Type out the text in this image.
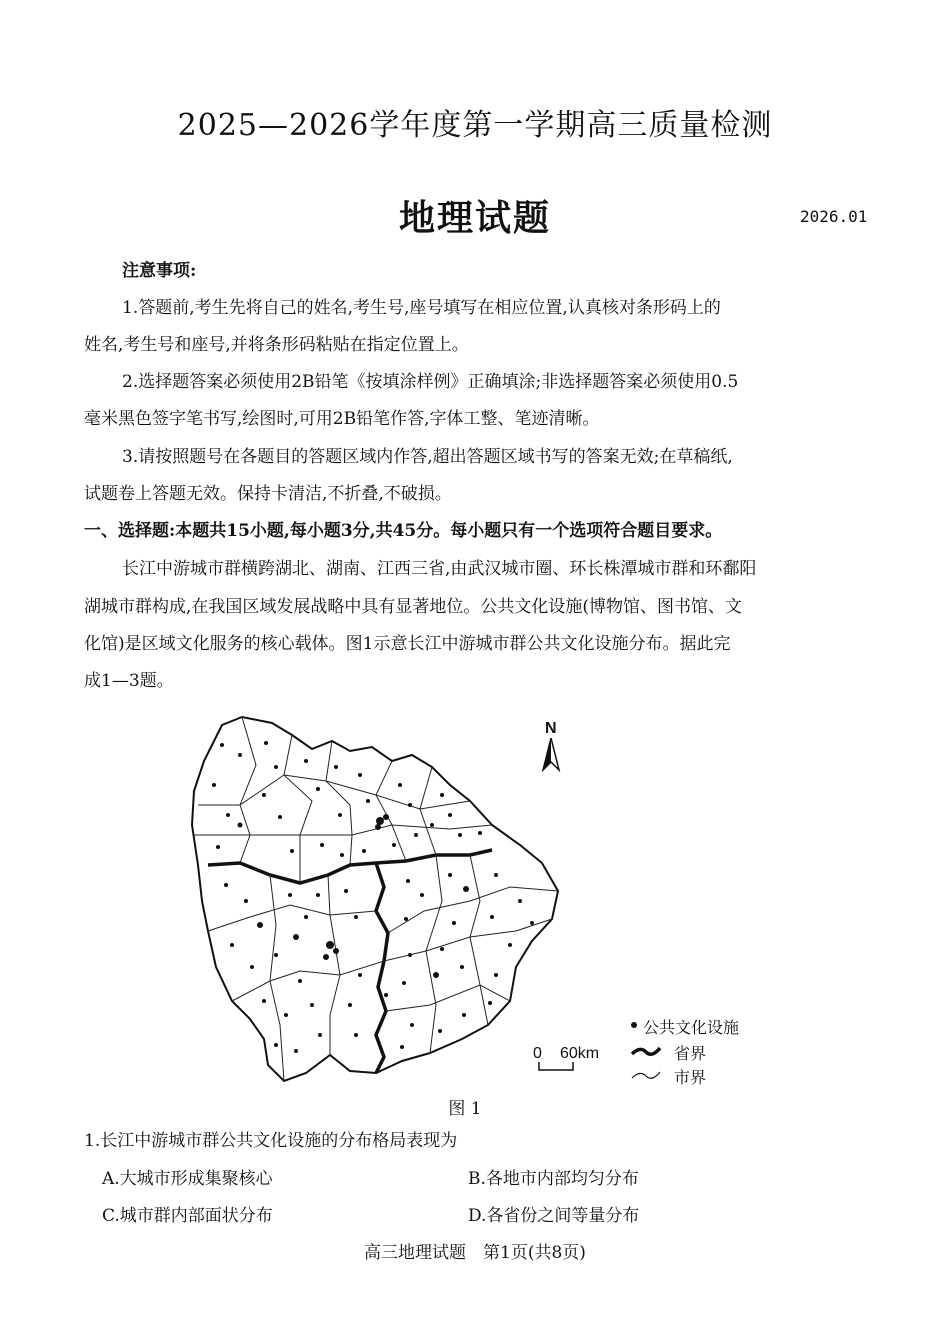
2025—2026学年度第一学期高三质量检测
地理试题	2026.01
注意事项:
1.答题前,考生先将自己的姓名,考生号,座号填写在相应位置,认真核对条形码上的
姓名,考生号和座号,并将条形码粘贴在指定位置上。
2.选择题答案必须使用2B铅笔《按填涂样例》正确填涂;非选择题答案必须使用0.5
毫米黑色签字笔书写,绘图时,可用2B铅笔作答,字体工整、笔迹清晰。
3.请按照题号在各题目的答题区域内作答,超出答题区域书写的答案无效;在草稿纸,
试题卷上答题无效。保持卡清洁,不折叠,不破损。
一、选择题:本题共15小题,每小题3分,共45分。每小题只有一个选项符合题目要求。
长江中游城市群横跨湖北、湖南、江西三省,由武汉城市圈、环长株潭城市群和环鄱阳
湖城市群构成,在我国区域发展战略中具有显著地位。公共文化设施(博物馆、图书馆、文
化馆)是区域文化服务的核心载体。图1示意长江中游城市群公共文化设施分布。据此完
成1—3题。
N
公共文化设施
0 60km	省界
市界
图 1
1.长江中游城市群公共文化设施的分布格局表现为
A.大城市形成集聚核心	B.各地市内部均匀分布
C.城市群内部面状分布	D.各省份之间等量分布
高三地理试题　第1页(共8页)
